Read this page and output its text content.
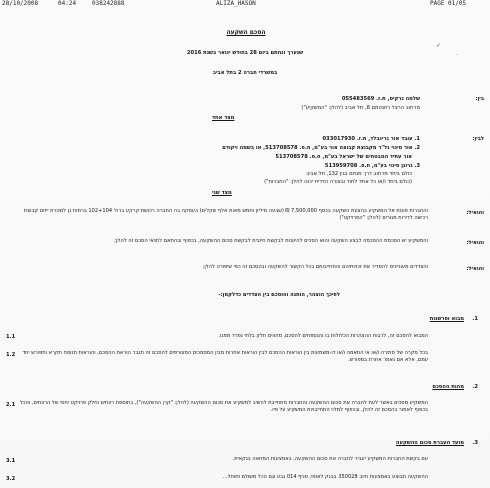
28/10/2008	04:24	038242888	ALIZA_HASON	PAGE 01/05
✓
·
הסכם השקעה
שנערך ונחתם ביום 28 בחודש ינואר בשנת 2016
במשרדי חברה 2 בתל אביב
בין:
שלמה נרקיס, ת.ז. 055483569
מרחוב הרצל רוזנטמם 8, תל אביב (להלן: "המשקיע")
מצד אחד
לבין:
1. עובד אור גרינבלד, ת.ז. 033017930
2. אור סינוי גל"ר מקבוצת קבוצה אור בע"מ, ח.פ. 513708578, או בשמה ויקודם
אור עתיד המבטחים של ישראל בע"מ, ח.פ. 513708578
3. גרונן סינוי בע"מ, ח.פ. 513959708
כולם ביחד מרחוב דרך מנחם בגין 132, תל אביב
(כולם ביחד ו/או כל אחד לחוד ובצורה הדדית יכונו להלן: "החברות")
מצד שני
והואיל:
והחברות פונות אל המשקיע בהצעת השקעה בכסף 7,500,000 ₪ (שבעה מיליון וחמש מאות אלף שקלים) בעסקה בה החברה רכושת קרקע ברח' 102+104 ברמות גן למטרת ייזום קבוצת רכישה לדירות מגורים (להלן: "הפרויקט")
והואיל:
והמשקיע יש הסכמת ההסכמה לבצע השקעה והוא הסכים להיענות לבקשת חיובית לבקשת סכום ההשקעה, בכפוף ובהתאם לתנאי הסכם זה להלן;
והואיל:
והצדדים מעוניינים להסדיר את זכויותיהם והתחייבותם בכל הקשור להשקעה ובהסכם זה כפי שיפורט להלן;
לפיכך הוצהר, הותנה והוסכם בין הצדדים כדלקמן:-
1.
מבוא ופרשנות
1.1	המבוא להסכם זה, לרבות ההצהרות הכלולות בו והנספחים להסכם, מהווים חלק בלתי נפרד ממנו.
1.2	בכל מקרה של סתירה ו/או אי התאמה ו/או דו-משמעות בין הוראות ההסכם לבין הוראות אחרות מבין המסמכים המצורפים להסכם זה תגבר הוראת ההסכם, והוראות תנוסח תקרא ותפורש יחד עמם, אלא אם נאמר אחרת במפורש.
2.
מהות ההסכם
2.1 המשקיע מסכים באשר לעת לחברה את סכום ההשקעה והחברות מתחייבת להשיב למשקיע את סכום ההשקעה (להלן: "קרן ההשקעה"), בתוספת רווחים וחלק פרויקט יחסי של הרווחים, והכל בכפוף לאמור בהסכם זה להלן, ובכפוף למלוי התחייבויות המשקיע על פיו.
3.
מועד העברת סכום ההשקעה
3.1	עם בקשת החברות המשקיע יעביר לחברה את סכום ההשקעה, באמצעות המחאה בנקאית.
3.2	ההשקעה תבוצע באמצעות חיוב 350028 בבנק לאומי, סניף 014 גבע וגם הכל משולם ותוחל...
